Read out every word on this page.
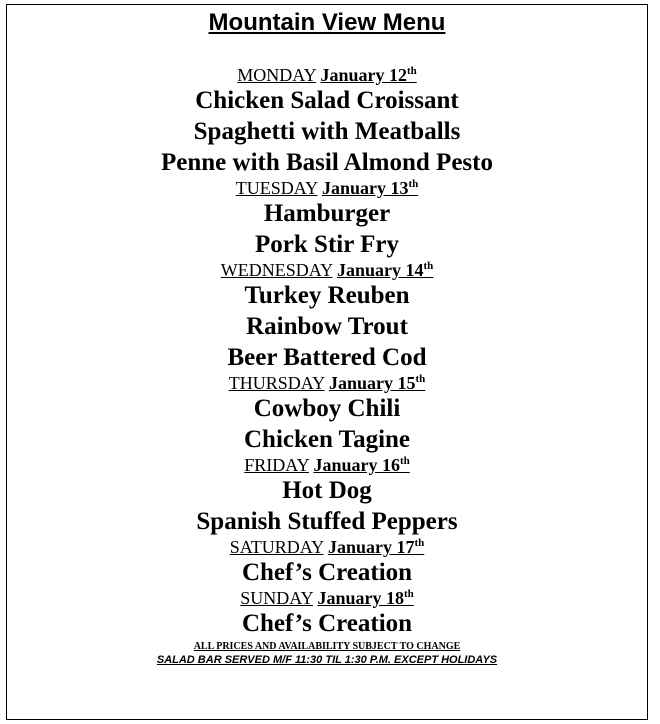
Mountain View Menu
MONDAY January 12th
Chicken Salad Croissant
Spaghetti with Meatballs
Penne with Basil Almond Pesto
TUESDAY January 13th
Hamburger
Pork Stir Fry
WEDNESDAY January 14th
Turkey Reuben
Rainbow Trout
Beer Battered Cod
THURSDAY January 15th
Cowboy Chili
Chicken Tagine
FRIDAY January 16th
Hot Dog
Spanish Stuffed Peppers
SATURDAY January 17th
Chef’s Creation
SUNDAY January 18th
Chef’s Creation
ALL PRICES AND AVAILABILITY SUBJECT TO CHANGE
SALAD BAR SERVED M/F 11:30 TIL 1:30 P.M. EXCEPT HOLIDAYS
